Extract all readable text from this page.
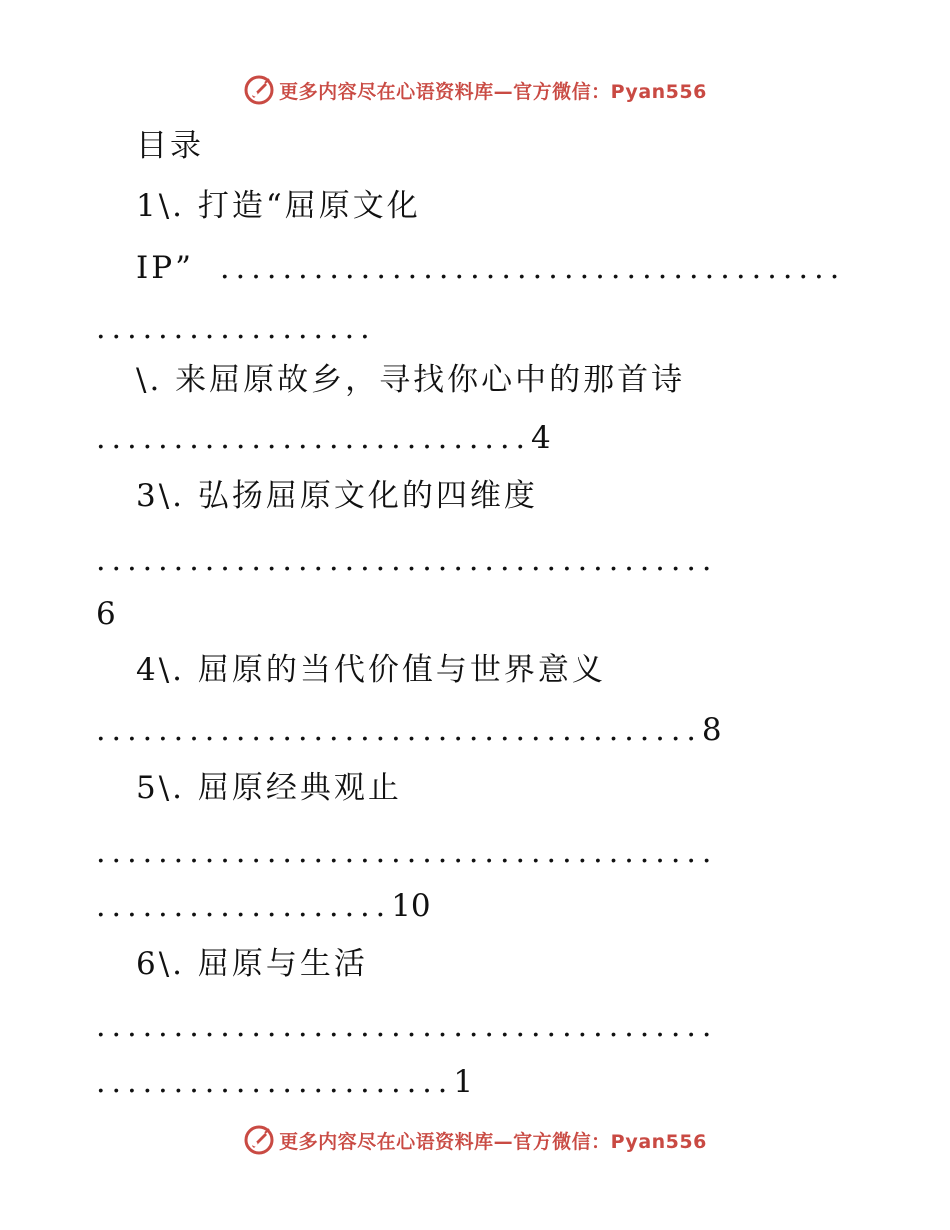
更多内容尽在心语资料库—官方微信：Pyan556
目录
1\. 打造“屈原文化
IP” ........................................
..................
\. 来屈原故乡，寻找你心中的那首诗
............................4
3\. 弘扬屈原文化的四维度
........................................
6
4\. 屈原的当代价值与世界意义
.......................................8
5\. 屈原经典观止
........................................
...................10
6\. 屈原与生活
........................................
.......................1
更多内容尽在心语资料库—官方微信：Pyan556
